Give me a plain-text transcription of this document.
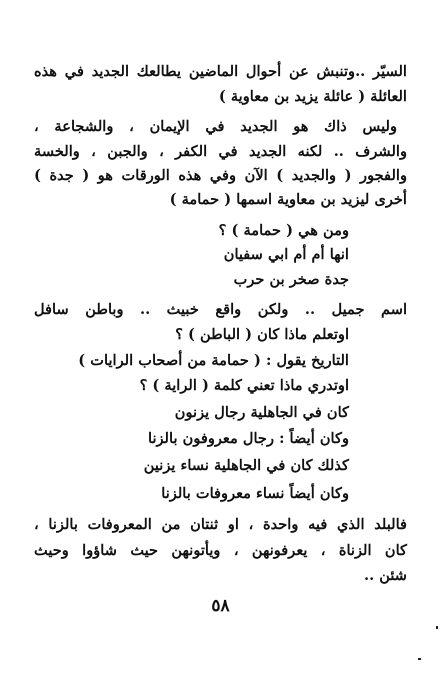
السيّر ..وتنبش عن أحوال الماضين يطالعك الجديد في هذه
العائلة ( عائلة يزيد بن معاوية )
وليس ذاك هو الجديد في الإيمان ، والشجاعة ،
والشرف .. لكنه الجديد في الكفر ، والجبن ، والخسة
والفجور ( والجديد ) الآن وفي هذه الورقات هو ( جدة )
أخرى ليزيد بن معاوية اسمها ( حمامة )
ومن هي ( حمامة ) ؟
انها أم أم ابي سفيان
جدة صخر بن حرب
اسم جميل .. ولكن واقع خبيث .. وباطن سافل
اوتعلم ماذا كان ( الباطن ) ؟
التاريخ يقول : ( حمامة من أصحاب الرايات )
اوتدري ماذا تعني كلمة ( الراية ) ؟
كان في الجاهلية رجال يزنون
وكان أيضاً : رجال معروفون بالزنا
كذلك كان في الجاهلية نساء يزنين
وكان أيضاً نساء معروفات بالزنا
فالبلد الذي فيه واحدة ، او ثنتان من المعروفات بالزنا ،
كان الزناة ، يعرفونهن ، ويأتونهن حيث شاؤوا وحيث
شئن ..
٥٨
